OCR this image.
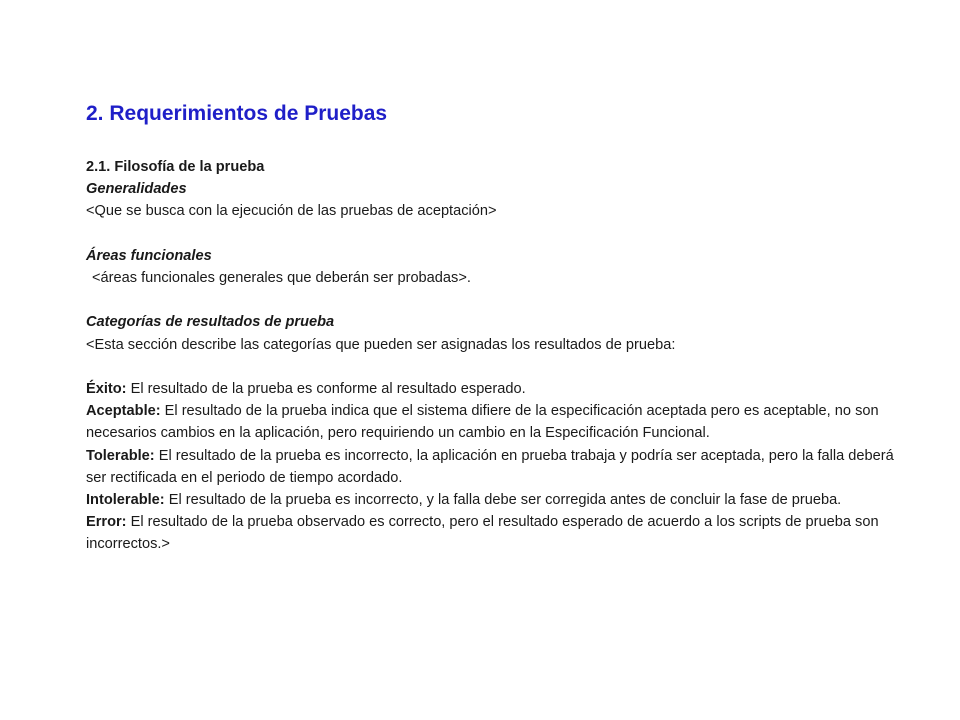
2. Requerimientos de Pruebas

2.1. Filosofía de la prueba

Generalidades

<Que se busca con la ejecución de las pruebas de aceptación>

Áreas funcionales

<áreas funcionales generales que deberán ser probadas>.

Categorías de resultados de prueba

<Esta sección describe las categorías que pueden ser asignadas los resultados de prueba:

Éxito: El resultado de la prueba es conforme al resultado esperado.

Aceptable: El resultado de la prueba indica que el sistema difiere de la especificación aceptada pero es aceptable, no son necesarios cambios en la aplicación, pero requiriendo un cambio en la Especificación Funcional.

Tolerable: El resultado de la prueba es incorrecto, la aplicación en prueba trabaja y podría ser aceptada, pero la falla deberá ser rectificada en el periodo de tiempo acordado.

Intolerable: El resultado de la prueba es incorrecto, y la falla debe ser corregida antes de concluir la fase de prueba.

Error: El resultado de la prueba observado es correcto, pero el resultado esperado de acuerdo a los scripts de prueba son incorrectos.>
